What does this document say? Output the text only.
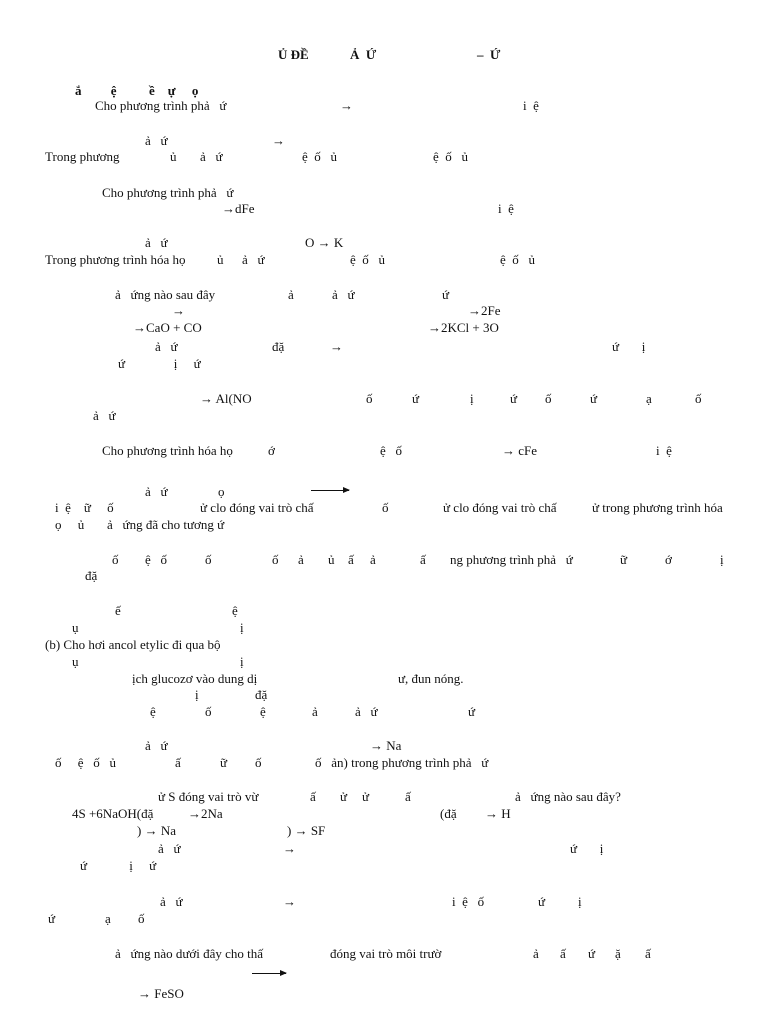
Ủ ĐỀ	Ả  Ứ	–  Ứ
ắ         ệ          ề    ự     ọ
Cho phương trình phả   ứ	→	i  ệ
ả   ứ	→
Trong phương	ủ ả   ứ	ệ  ố   ủ	ệ  ố   ủ
Cho phương trình phả   ứ
→dFe	i  ệ
ả   ứ	O → K
Trong phương trình hóa họ ủ ả   ứ	ệ  ố   ủ	ệ  ố   ủ
ả   ứng nào sau đây	ả	ả   ứ	ứ
→	→2Fe
→CaO + CO	→2KCl + 3O
ả   ứ	đặ	→	ứ       ị
ứ               ị     ứ
→ Al(NO	ố	ứ	ị	ứ ố	ứ	ạ	ố
ả   ứ
Cho phương trình hóa họ	ớ	ệ   ố	→ cFe	i  ệ
ả   ứ	ọ
i  ệ    ữ     ố	ử clo đóng vai trò chấ	ố	ử clo đóng vai trò chấ	ử trong phương trình hóa
ọ     ủ       ả   ứng đã cho tương ứ
ố ệ   ố	ố	ố ả ủ ấ ả	ấ ng phương trình phả   ứ	ữ	ớ	ị
đặ
ế	ệ
ụ	ị
(b) Cho hơi ancol etylic đi qua bộ
ụ	ị
ịch glucozơ vào dung dị	ư, đun nóng.
ị	đặ
ệ	ố	ệ	ả	ả   ứ	ứ
ả   ứ	→ Na
ố     ệ   ố   ủ	ấ	ữ ố	ố   ản) trong phương trình phả   ứ
ử S đóng vai trò vừ	ấ ử ử	ấ	ả   ứng nào sau đây?
4S +6NaOH(đặ	→2Na	(đặ → H
) → Na	) → SF
ả   ứ	→	ứ       ị
ứ             ị     ứ
ả   ứ	→	i  ệ   ố	ứ	ị
ứ	ạ ố
ả   ứng nào dưới đây cho thấ	đóng vai trò môi trườ	ả ấ ứ ặ ấ
→ FeSO
